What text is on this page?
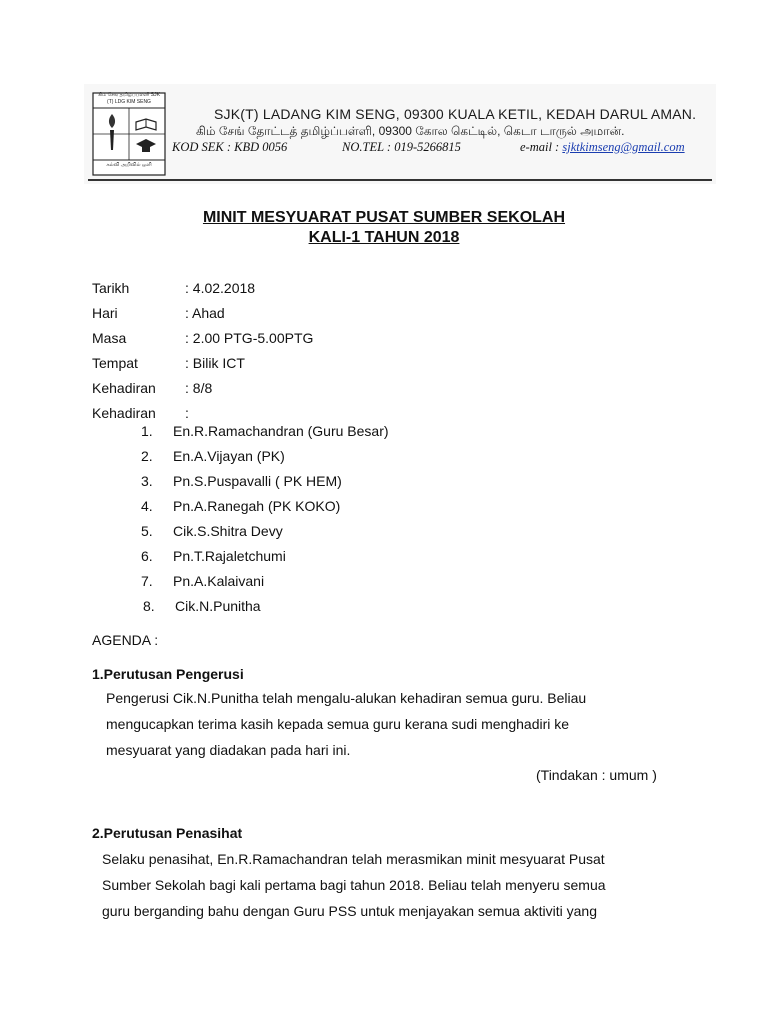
கிம் சேங் தமிழ்ப்பள்ளி SJK (T) LDG KIM SENG
கல்வி அறிவில் ஒளி
SJK(T) LADANG KIM SENG, 09300 KUALA KETIL, KEDAH DARUL AMAN.
கிம் சேங் தோட்டத் தமிழ்ப்பள்ளி, 09300 கோல கெட்டில், கெடா டாருல் அமான்.
KOD SEK : KBD 0056	NO.TEL : 019-5266815	e-mail : sjktkimseng@gmail.com
MINIT MESYUARAT PUSAT SUMBER SEKOLAH
KALI-1 TAHUN 2018
Tarikh	: 4.02.2018
Hari	: Ahad
Masa	: 2.00 PTG-5.00PTG
Tempat	: Bilik ICT
Kehadiran : 8/8
Kehadiran :
1. En.R.Ramachandran (Guru Besar)
2. En.A.Vijayan (PK)
3. Pn.S.Puspavalli ( PK HEM)
4. Pn.A.Ranegah (PK KOKO)
5. Cik.S.Shitra Devy
6. Pn.T.Rajaletchumi
7. Pn.A.Kalaivani
8. Cik.N.Punitha
AGENDA :
1.Perutusan Pengerusi
Pengerusi Cik.N.Punitha telah mengalu-alukan kehadiran semua guru. Beliau
mengucapkan terima kasih kepada semua guru kerana sudi menghadiri ke
mesyuarat yang diadakan pada hari ini.
(Tindakan : umum )
2.Perutusan Penasihat
Selaku penasihat, En.R.Ramachandran telah merasmikan minit mesyuarat Pusat
Sumber Sekolah bagi kali pertama bagi tahun 2018. Beliau telah menyeru semua
guru berganding bahu dengan Guru PSS untuk menjayakan semua aktiviti yang
